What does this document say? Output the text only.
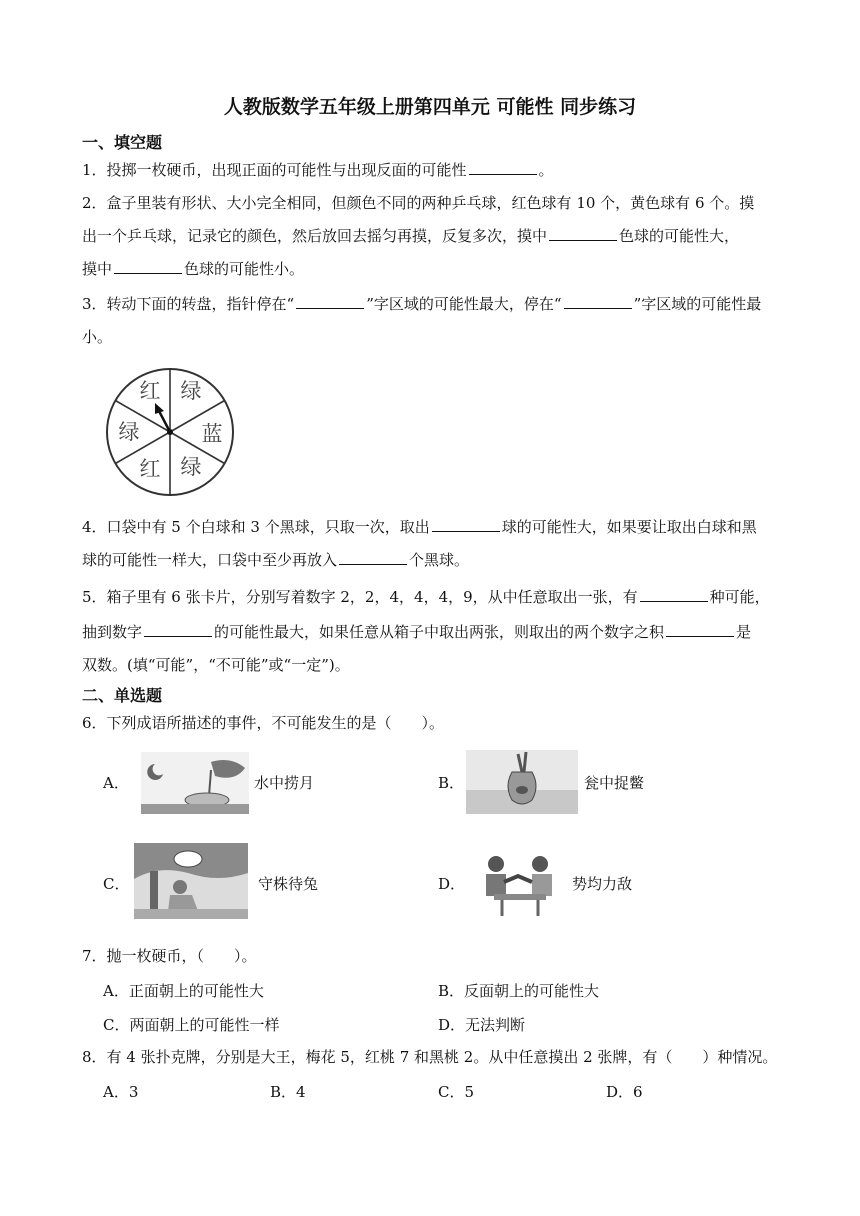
人教版数学五年级上册第四单元 可能性 同步练习
一、填空题
1．投掷一枚硬币，出现正面的可能性与出现反面的可能性	。
2．盒子里装有形状、大小完全相同，但颜色不同的两种乒乓球，红色球有 10 个，黄色球有 6 个。摸
出一个乒乓球，记录它的颜色，然后放回去摇匀再摸，反复多次，摸中	色球的可能性大，
摸中	色球的可能性小。
3．转动下面的转盘，指针停在“	”字区域的可能性最大，停在“	”字区域的可能性最
小。
红 绿
蓝
绿
红
绿
4．口袋中有 5 个白球和 3 个黑球，只取一次，取出	球的可能性大，如果要让取出白球和黑
球的可能性一样大，口袋中至少再放入	个黑球。
5．箱子里有 6 张卡片，分别写着数字 2，2，4，4，4，9，从中任意取出一张，有	种可能，
抽到数字	的可能性最大，如果任意从箱子中取出两张，则取出的两个数字之积	是
双数。(填“可能”，“不可能”或“一定”)。
二、单选题
6．下列成语所描述的事件，不可能发生的是（　　）。
A．	水中捞月	B．	瓮中捉鳖
C．	守株待兔	D．	势均力敌
7．抛一枚硬币，（　　）。
A．正面朝上的可能性大	B．反面朝上的可能性大
C．两面朝上的可能性一样	D．无法判断
8．有 4 张扑克牌，分别是大王，梅花 5，红桃 7 和黑桃 2。从中任意摸出 2 张牌，有（　　）种情况。
A．3	B．4	C．5	D．6
